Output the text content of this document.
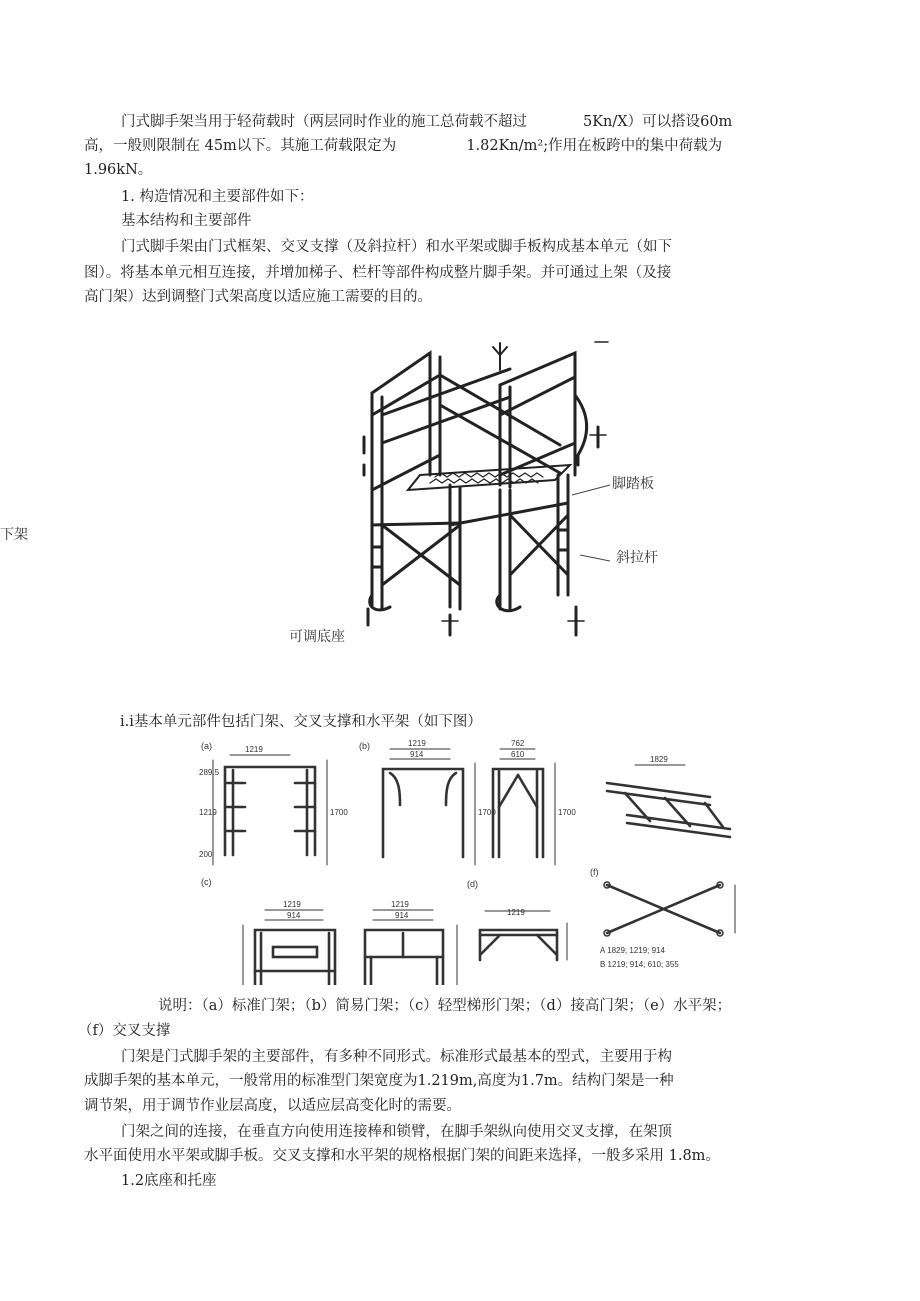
门式脚手架当用于轻荷载时（两层同时作业的施工总荷载不超过	5Kn/X）可以搭设60m
高，一般则限制在 45m以下。其施工荷载限定为	1.82Kn/m²;作用在板跨中的集中荷载为
1.96kN。
1. 构造情况和主要部件如下：
基本结构和主要部件
门式脚手架由门式框架、交叉支撑（及斜拉杆）和水平架或脚手板构成基本单元（如下
图）。将基本单元相互连接，并增加梯子、栏杆等部件构成整片脚手架。并可通过上架（及接
高门架）达到调整门式架高度以适应施工需要的目的。
下架
脚踏板
斜拉杆
可调底座
i.i基本单元部件包括门架、交叉支撑和水平架（如下图）
(a)	1219
289.5
1219	1700
200
(b)	1219
914
1700
762
610
1700
1829
(c)
1219
914
1219
914
(d)
1219
(f)
A 1829; 1219; 914
B 1219; 914; 610; 355
说明：（a）标准门架；（b）简易门架；（c）轻型梯形门架；（d）接高门架；（e）水平架；
（f）交叉支撑
门架是门式脚手架的主要部件，有多种不同形式。标准形式最基本的型式，主要用于构
成脚手架的基本单元，一般常用的标准型门架宽度为1.219m,高度为1.7m。结构门架是一种
调节架，用于调节作业层高度，以适应层高变化时的需要。
门架之间的连接，在垂直方向使用连接棒和锁臂，在脚手架纵向使用交叉支撑，在架顶
水平面使用水平架或脚手板。交叉支撑和水平架的规格根据门架的间距来选择，一般多采用 1.8m。
1.2底座和托座
